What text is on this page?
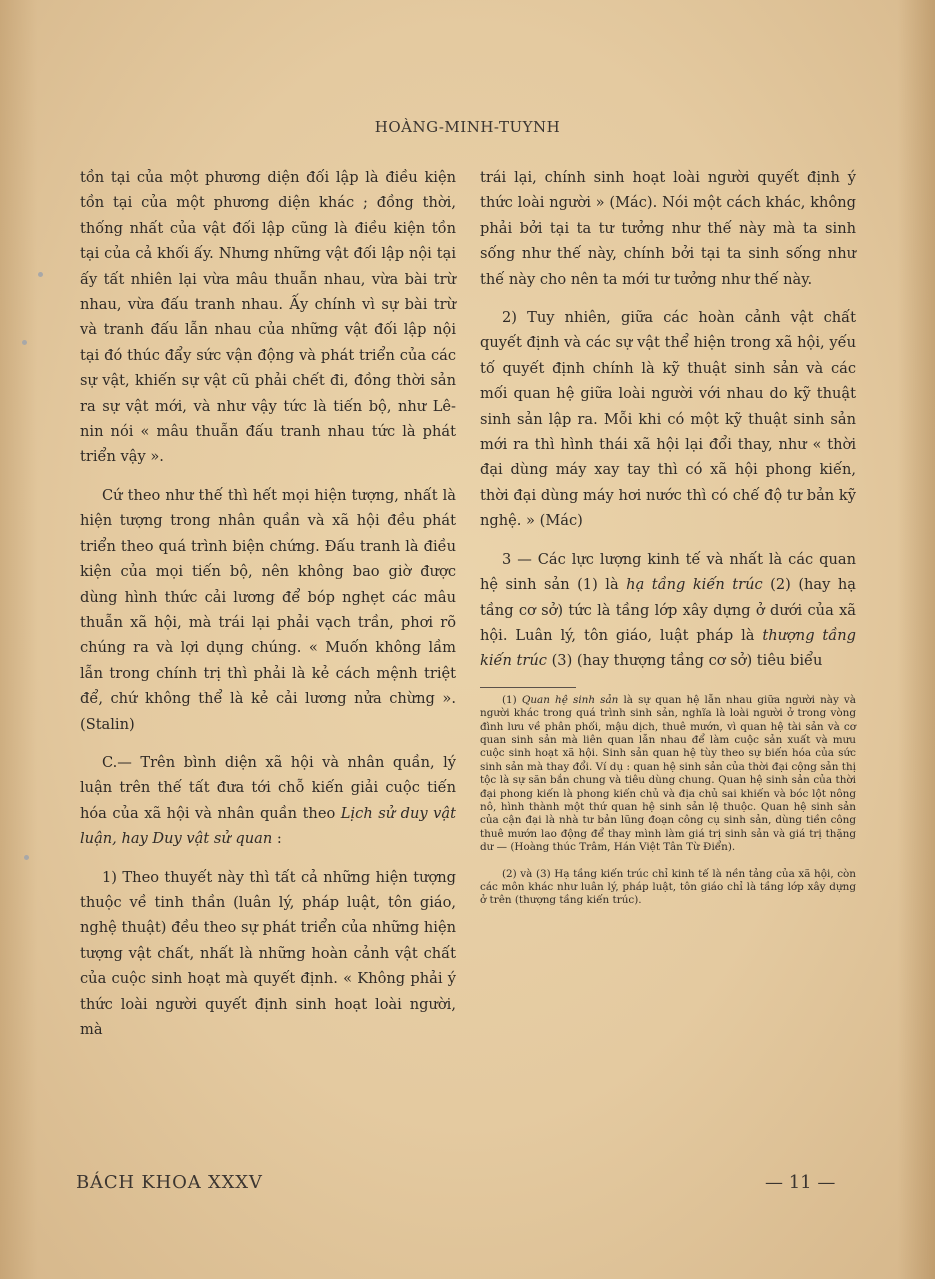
HOÀNG-MINH-TUYNH

tồn tại của một phương diện đối lập là điều kiện tồn tại của một phương diện khác ; đồng thời, thống nhất của vật đối lập cũng là điều kiện tồn tại của cả khối ấy. Nhưng những vật đối lập nội tại ấy tất nhiên lại vừa mâu thuẫn nhau, vừa bài trừ nhau, vừa đấu tranh nhau. Ấy chính vì sự bài trừ và tranh đấu lẫn nhau của những vật đối lập nội tại đó thúc đẩy sức vận động và phát triển của các sự vật, khiến sự vật cũ phải chết đi, đồng thời sản ra sự vật mới, và như vậy tức là tiến bộ, như Lê-nin nói « mâu thuẫn đấu tranh nhau tức là phát triển vậy ».

Cứ theo như thế thì hết mọi hiện tượng, nhất là hiện tượng trong nhân quần và xã hội đều phát triển theo quá trình biện chứng. Đấu tranh là điều kiện của mọi tiến bộ, nên không bao giờ được dùng hình thức cải lương để bóp nghẹt các mâu thuẫn xã hội, mà trái lại phải vạch trần, phơi rõ chúng ra và lợi dụng chúng. « Muốn không lầm lẫn trong chính trị thì phải là kẻ cách mệnh triệt để, chứ không thể là kẻ cải lương nửa chừng ». (Stalin)

C.— Trên bình diện xã hội và nhân quần, lý luận trên thế tất đưa tới chỗ kiến giải cuộc tiến hóa của xã hội và nhân quần theo Lịch sử duy vật luận, hay Duy vật sử quan :

1) Theo thuyết này thì tất cả những hiện tượng thuộc về tinh thần (luân lý, pháp luật, tôn giáo, nghệ thuật) đều theo sự phát triển của những hiện tượng vật chất, nhất là những hoàn cảnh vật chất của cuộc sinh hoạt mà quyết định. « Không phải ý thức loài người quyết định sinh hoạt loài người, mà

trái lại, chính sinh hoạt loài người quyết định ý thức loài người » (Mác). Nói một cách khác, không phải bởi tại ta tư tưởng như thế này mà ta sinh sống như thế này, chính bởi tại ta sinh sống như thế này cho nên ta mới tư tưởng như thế này.

2) Tuy nhiên, giữa các hoàn cảnh vật chất quyết định và các sự vật thể hiện trong xã hội, yếu tố quyết định chính là kỹ thuật sinh sản và các mối quan hệ giữa loài người với nhau do kỹ thuật sinh sản lập ra. Mỗi khi có một kỹ thuật sinh sản mới ra thì hình thái xã hội lại đổi thay, như « thời đại dùng máy xay tay thì có xã hội phong kiến, thời đại dùng máy hơi nước thì có chế độ tư bản kỹ nghệ. » (Mác)

3 — Các lực lượng kinh tế và nhất là các quan hệ sinh sản (1) là hạ tầng kiến trúc (2) (hay hạ tầng cơ sở) tức là tầng lớp xây dựng ở dưới của xã hội. Luân lý, tôn giáo, luật pháp là thượng tầng kiến trúc (3) (hay thượng tầng cơ sở) tiêu biểu

(1) Quan hệ sinh sản là sự quan hệ lẫn nhau giữa người này và người khác trong quá trình sinh sản, nghĩa là loài người ở trong vòng đình lưu về phân phối, mậu dịch, thuê mướn, vì quan hệ tài sản và cơ quan sinh sản mà liên quan lẫn nhau để làm cuộc sản xuất và mưu cuộc sinh hoạt xã hội. Sinh sản quan hệ tùy theo sự biến hóa của sức sinh sản mà thay đổi. Ví dụ : quan hệ sinh sản của thời đại cộng sản thị tộc là sự săn bắn chung và tiêu dùng chung. Quan hệ sinh sản của thời đại phong kiến là phong kiến chủ và địa chủ sai khiến và bóc lột nông nô, hình thành một thứ quan hệ sinh sản lệ thuộc. Quan hệ sinh sản của cận đại là nhà tư bản lũng đoạn công cụ sinh sản, dùng tiền công thuê mướn lao động để thay mình làm giá trị sinh sản và giá trị thặng dư — (Hoàng thúc Trâm, Hán Việt Tân Từ Điển).

(2) và (3) Hạ tầng kiến trúc chỉ kinh tế là nền tảng của xã hội, còn các môn khác như luân lý, pháp luật, tôn giáo chỉ là tầng lớp xây dựng ở trên (thượng tầng kiến trúc).

BÁCH KHOA XXXV	— 11 —
